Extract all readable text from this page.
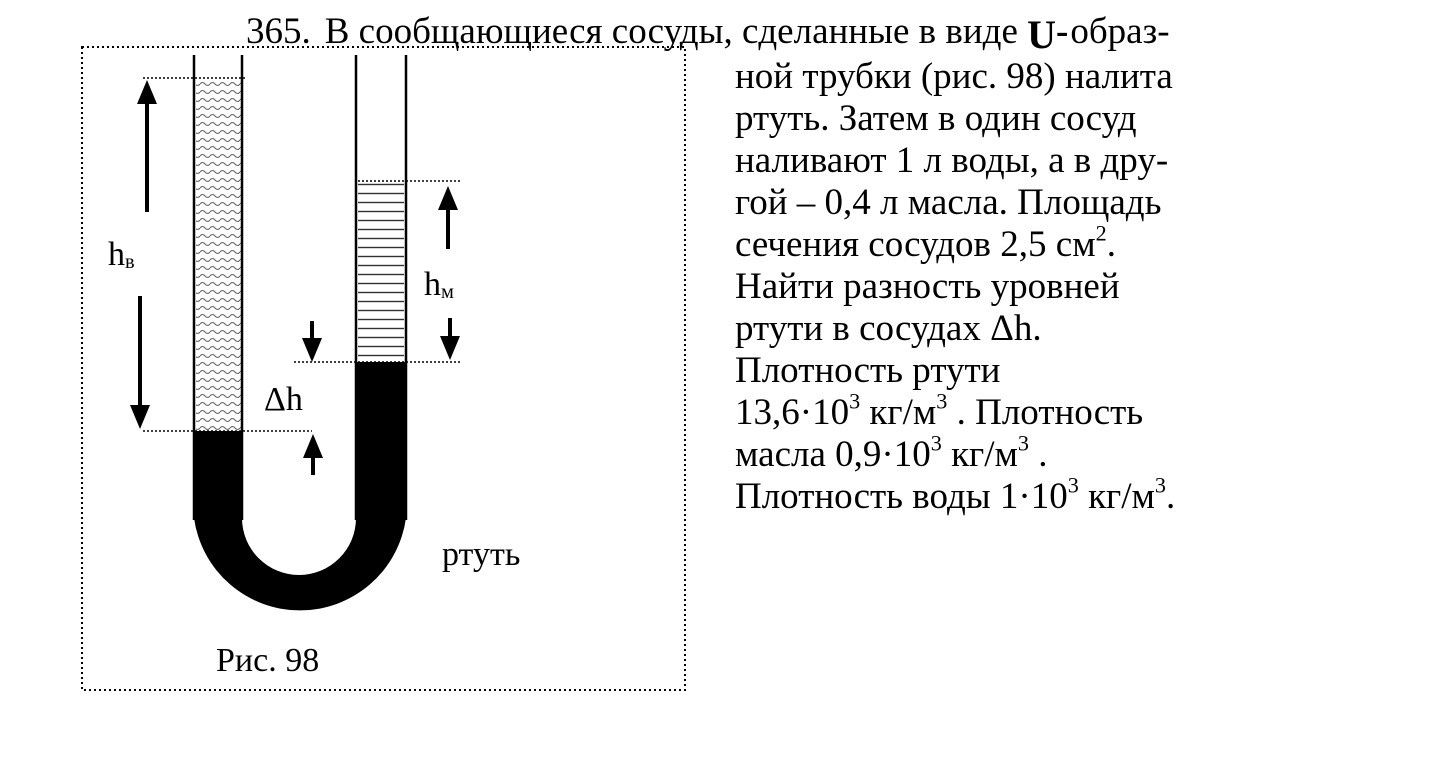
365. В сообщающиеся сосуды, сделанные в виде U-образ-
ной трубки (рис. 98) налита
ртуть. Затем в один сосуд
наливают 1 л воды, а в дру-
гой – 0,4 л масла. Площадь
сечения сосудов 2,5 $см^2$.
Найти разность уровней
ртути в сосудах Δh.
Плотность ртути
$13,6\cdot 10^3$ $кг/м^3$ . Плотность
масла $0,9\cdot 10^3$ $кг/м^3$ .
Плотность воды $1\cdot 10^3$ $кг/м^3$.
$h_в$
$h_м$
Δh
ртуть
Рис. 98
